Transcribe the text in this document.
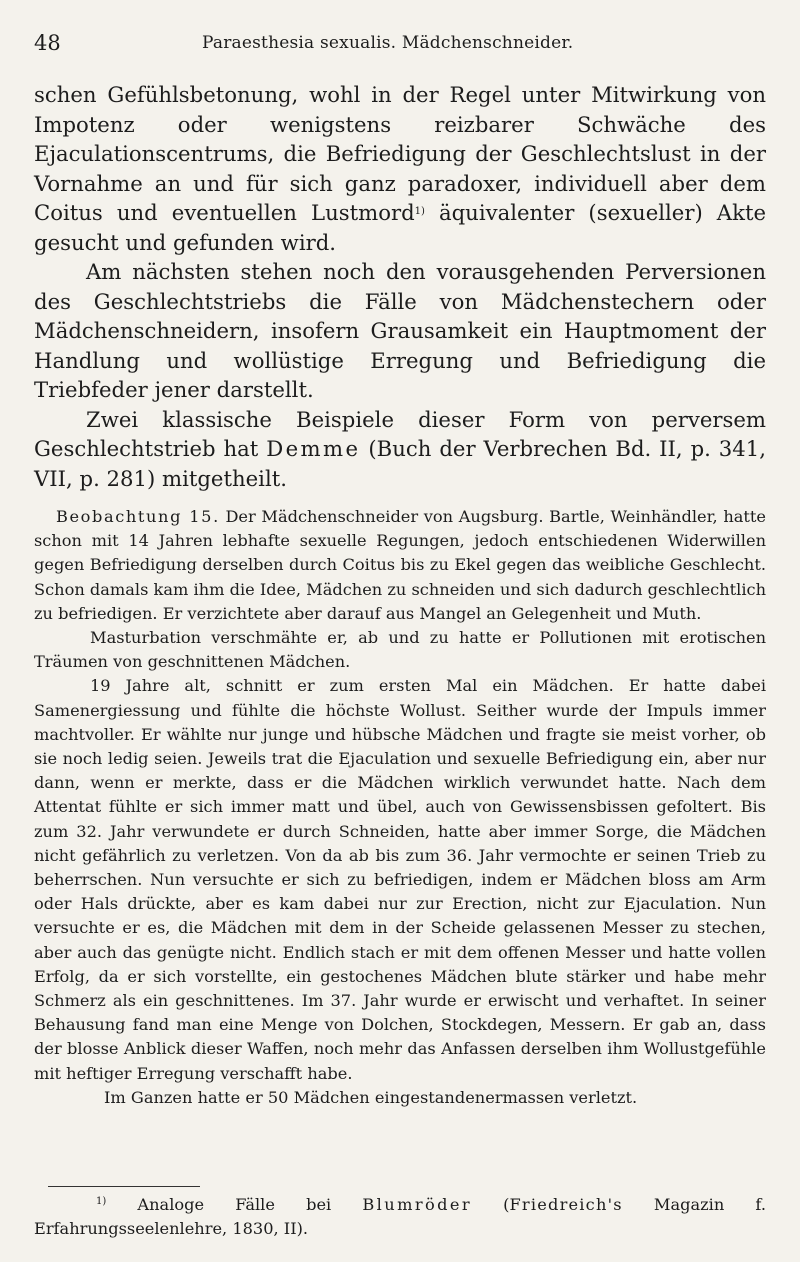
48	Paraesthesia sexualis. Mädchenschneider.

schen Gefühlsbetonung, wohl in der Regel unter Mitwirkung von Impotenz oder wenigstens reizbarer Schwäche des Ejaculationscentrums, die Befriedigung der Geschlechtslust in der Vornahme an und für sich ganz paradoxer, individuell aber dem Coitus und eventuellen Lustmord$^{1)}$ äquivalenter (sexueller) Akte gesucht und gefunden wird.

Am nächsten stehen noch den vorausgehenden Perversionen des Geschlechtstriebs die Fälle von Mädchenstechern oder Mädchenschneidern, insofern Grausamkeit ein Hauptmoment der Handlung und wollüstige Erregung und Befriedigung die Triebfeder jener darstellt.

Zwei klassische Beispiele dieser Form von perversem Geschlechtstrieb hat Demme (Buch der Verbrechen Bd. II, p. 341, VII, p. 281) mitgetheilt.

Beobachtung 15. Der Mädchenschneider von Augsburg. Bartle, Weinhändler, hatte schon mit 14 Jahren lebhafte sexuelle Regungen, jedoch entschiedenen Widerwillen gegen Befriedigung derselben durch Coitus bis zu Ekel gegen das weibliche Geschlecht. Schon damals kam ihm die Idee, Mädchen zu schneiden und sich dadurch geschlechtlich zu befriedigen. Er verzichtete aber darauf aus Mangel an Gelegenheit und Muth.

Masturbation verschmähte er, ab und zu hatte er Pollutionen mit erotischen Träumen von geschnittenen Mädchen.

19 Jahre alt, schnitt er zum ersten Mal ein Mädchen. Er hatte dabei Samenergiessung und fühlte die höchste Wollust. Seither wurde der Impuls immer machtvoller. Er wählte nur junge und hübsche Mädchen und fragte sie meist vorher, ob sie noch ledig seien. Jeweils trat die Ejaculation und sexuelle Befriedigung ein, aber nur dann, wenn er merkte, dass er die Mädchen wirklich verwundet hatte. Nach dem Attentat fühlte er sich immer matt und übel, auch von Gewissensbissen gefoltert. Bis zum 32. Jahr verwundete er durch Schneiden, hatte aber immer Sorge, die Mädchen nicht gefährlich zu verletzen. Von da ab bis zum 36. Jahr vermochte er seinen Trieb zu beherrschen. Nun versuchte er sich zu befriedigen, indem er Mädchen bloss am Arm oder Hals drückte, aber es kam dabei nur zur Erection, nicht zur Ejaculation. Nun versuchte er es, die Mädchen mit dem in der Scheide gelassenen Messer zu stechen, aber auch das genügte nicht. Endlich stach er mit dem offenen Messer und hatte vollen Erfolg, da er sich vorstellte, ein gestochenes Mädchen blute stärker und habe mehr Schmerz als ein geschnittenes. Im 37. Jahr wurde er erwischt und verhaftet. In seiner Behausung fand man eine Menge von Dolchen, Stockdegen, Messern. Er gab an, dass der blosse Anblick dieser Waffen, noch mehr das Anfassen derselben ihm Wollustgefühle mit heftiger Erregung verschafft habe.

Im Ganzen hatte er 50 Mädchen eingestandenermassen verletzt.

$^{1)}$ Analoge Fälle bei Blumröder (Friedreich's Magazin f. Erfahrungsseelenlehre, 1830, II).
